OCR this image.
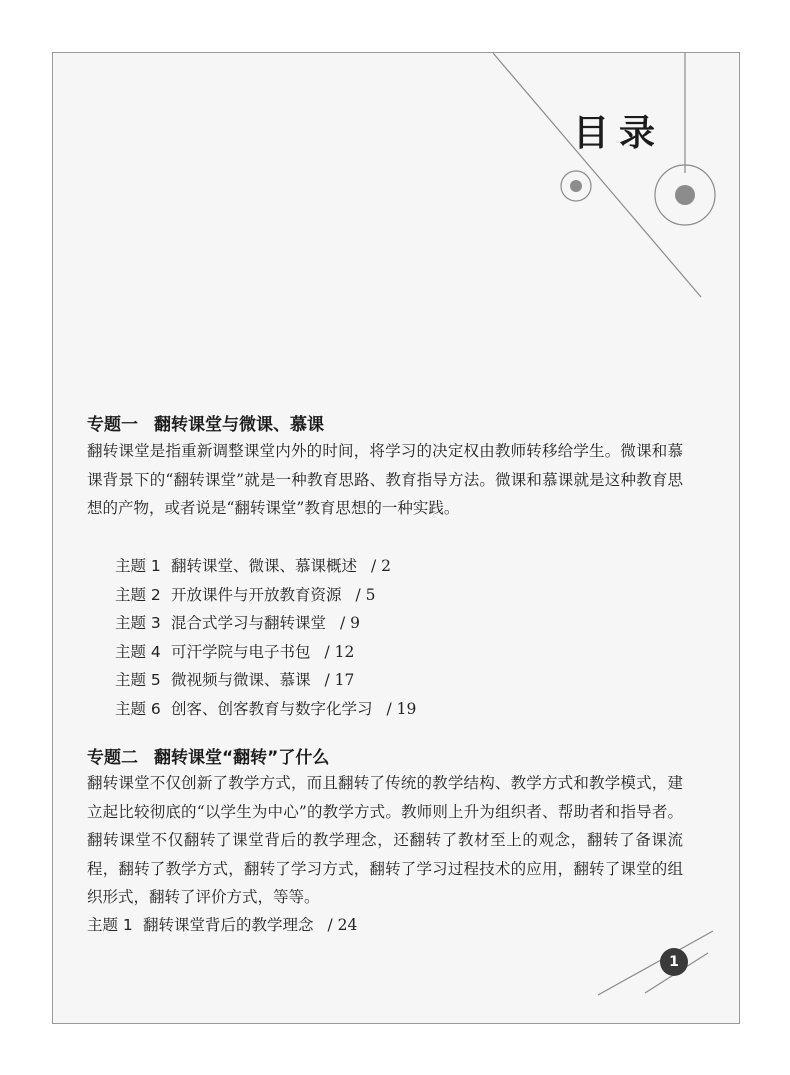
目录
专题一 翻转课堂与微课、慕课
翻转课堂是指重新调整课堂内外的时间，将学习的决定权由教师转移给学生。微课和慕课背景下的“翻转课堂”就是一种教育思路、教育指导方法。微课和慕课就是这种教育思想的产物，或者说是“翻转课堂”教育思想的一种实践。
主题 1 翻转课堂、微课、慕课概述 / 2
主题 2 开放课件与开放教育资源 / 5
主题 3 混合式学习与翻转课堂 / 9
主题 4 可汗学院与电子书包 / 12
主题 5 微视频与微课、慕课 / 17
主题 6 创客、创客教育与数字化学习 / 19
专题二 翻转课堂“翻转”了什么
翻转课堂不仅创新了教学方式，而且翻转了传统的教学结构、教学方式和教学模式，建立起比较彻底的“以学生为中心”的教学方式。教师则上升为组织者、帮助者和指导者。翻转课堂不仅翻转了课堂背后的教学理念，还翻转了教材至上的观念，翻转了备课流程，翻转了教学方式，翻转了学习方式，翻转了学习过程技术的应用，翻转了课堂的组织形式，翻转了评价方式，等等。
主题 1 翻转课堂背后的教学理念 / 24
1
